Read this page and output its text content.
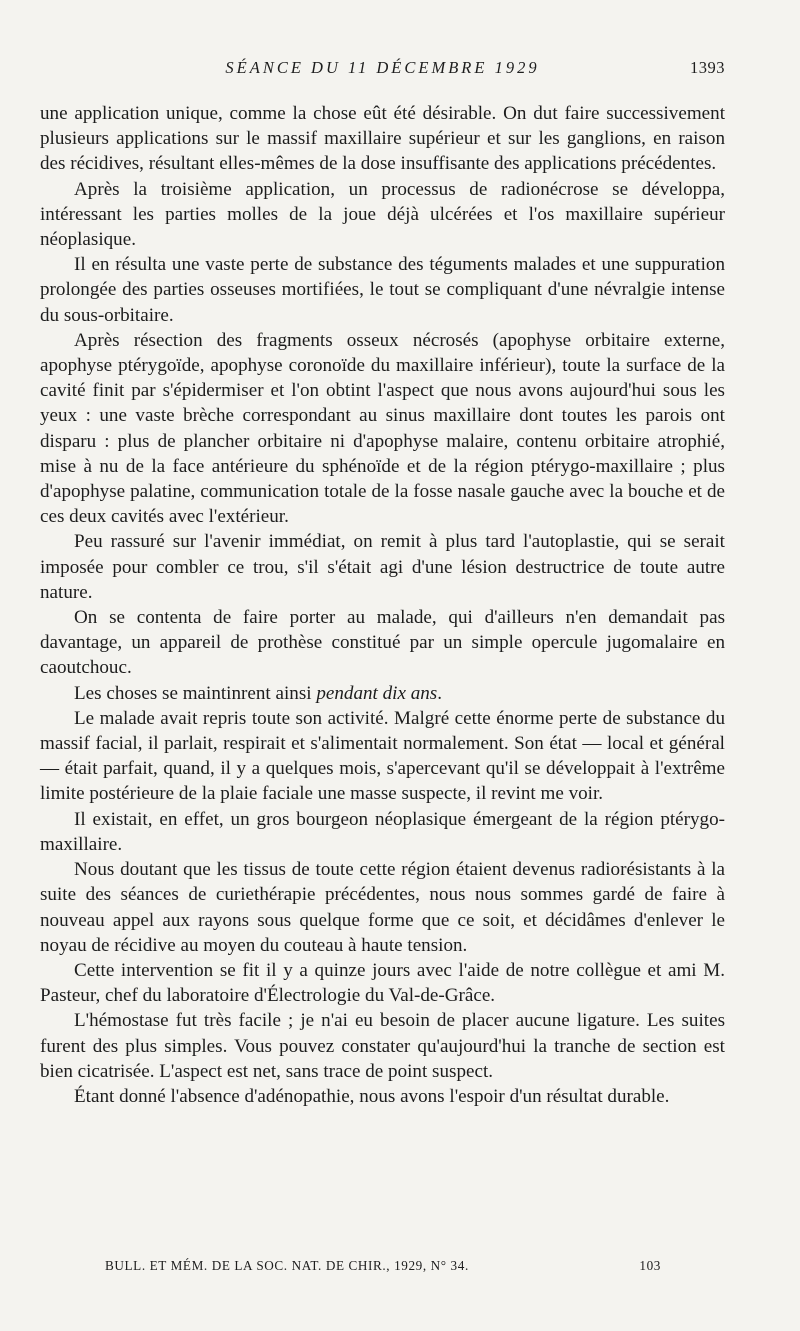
SÉANCE DU 11 DÉCEMBRE 1929	1393

une application unique, comme la chose eût été désirable. On dut faire successivement plusieurs applications sur le massif maxillaire supérieur et sur les ganglions, en raison des récidives, résultant elles-mêmes de la dose insuffisante des applications précédentes.

Après la troisième application, un processus de radionécrose se développa, intéressant les parties molles de la joue déjà ulcérées et l'os maxillaire supérieur néoplasique.

Il en résulta une vaste perte de substance des téguments malades et une suppuration prolongée des parties osseuses mortifiées, le tout se compliquant d'une névralgie intense du sous-orbitaire.

Après résection des fragments osseux nécrosés (apophyse orbitaire externe, apophyse ptérygoïde, apophyse coronoïde du maxillaire inférieur), toute la surface de la cavité finit par s'épidermiser et l'on obtint l'aspect que nous avons aujourd'hui sous les yeux : une vaste brèche correspondant au sinus maxillaire dont toutes les parois ont disparu : plus de plancher orbitaire ni d'apophyse malaire, contenu orbitaire atrophié, mise à nu de la face antérieure du sphénoïde et de la région ptérygo-maxillaire ; plus d'apophyse palatine, communication totale de la fosse nasale gauche avec la bouche et de ces deux cavités avec l'extérieur.

Peu rassuré sur l'avenir immédiat, on remit à plus tard l'autoplastie, qui se serait imposée pour combler ce trou, s'il s'était agi d'une lésion destructrice de toute autre nature.

On se contenta de faire porter au malade, qui d'ailleurs n'en demandait pas davantage, un appareil de prothèse constitué par un simple opercule jugomalaire en caoutchouc.

Les choses se maintinrent ainsi pendant dix ans.

Le malade avait repris toute son activité. Malgré cette énorme perte de substance du massif facial, il parlait, respirait et s'alimentait normalement. Son état — local et général — était parfait, quand, il y a quelques mois, s'apercevant qu'il se développait à l'extrême limite postérieure de la plaie faciale une masse suspecte, il revint me voir.

Il existait, en effet, un gros bourgeon néoplasique émergeant de la région ptérygo-maxillaire.

Nous doutant que les tissus de toute cette région étaient devenus radiorésistants à la suite des séances de curiethérapie précédentes, nous nous sommes gardé de faire à nouveau appel aux rayons sous quelque forme que ce soit, et décidâmes d'enlever le noyau de récidive au moyen du couteau à haute tension.

Cette intervention se fit il y a quinze jours avec l'aide de notre collègue et ami M. Pasteur, chef du laboratoire d'Électrologie du Val-de-Grâce.

L'hémostase fut très facile ; je n'ai eu besoin de placer aucune ligature. Les suites furent des plus simples. Vous pouvez constater qu'aujourd'hui la tranche de section est bien cicatrisée. L'aspect est net, sans trace de point suspect.

Étant donné l'absence d'adénopathie, nous avons l'espoir d'un résultat durable.

BULL. ET MÉM. DE LA SOC. NAT. DE CHIR., 1929, N° 34.	103
